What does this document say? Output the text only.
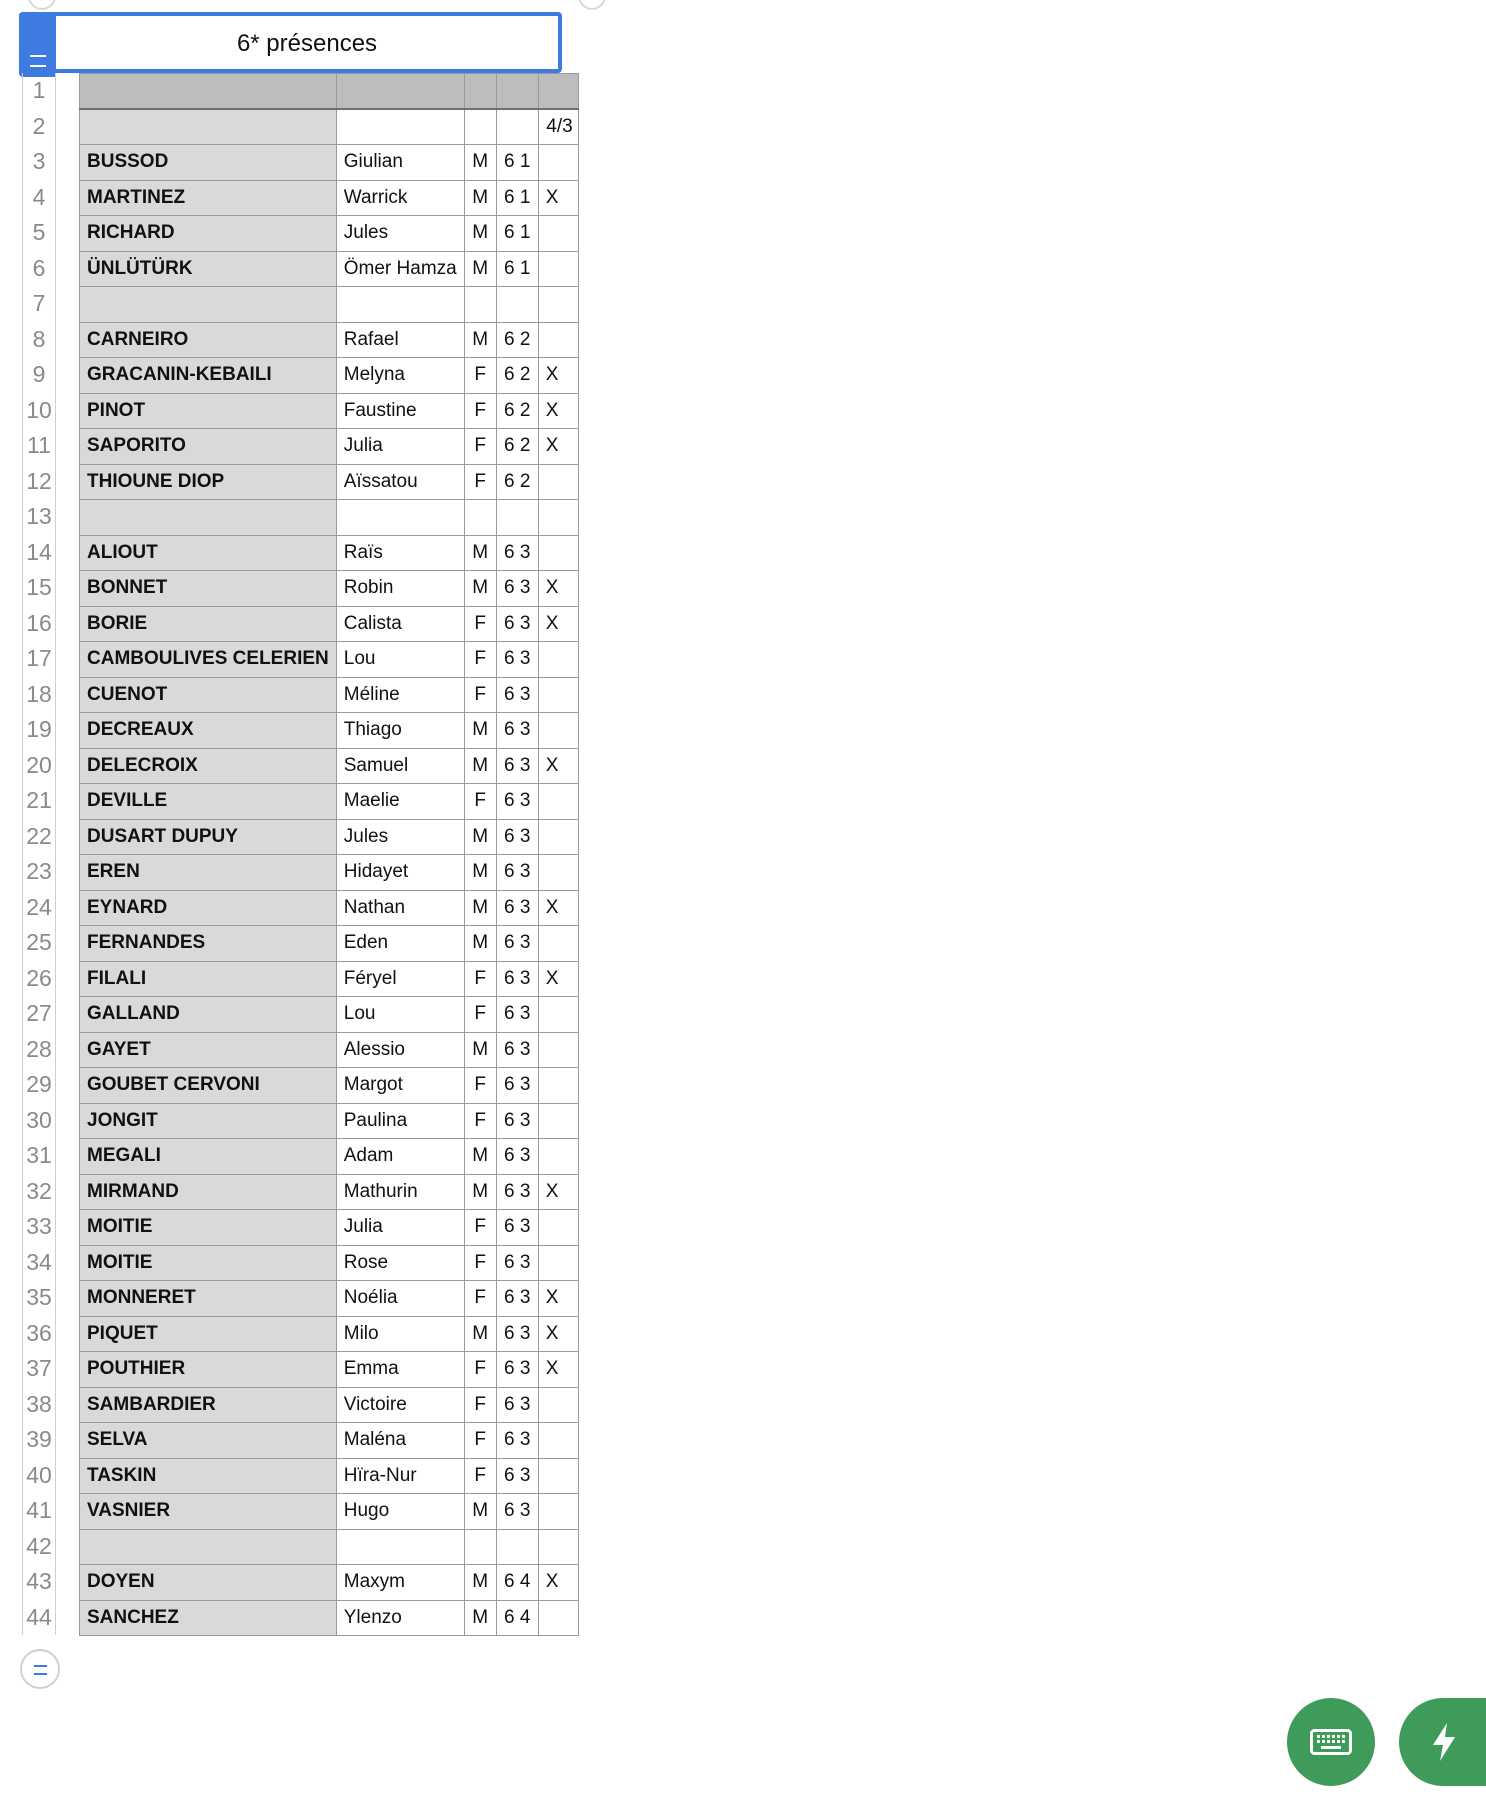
6* présences
1
2
3
4
5
6
7
8
9
10
11
12
13
14
15
16
17
18
19
20
21
22
23
24
25
26
27
28
29
30
31
32
33
34
35
36
37
38
39
40
41
42
43
44

				4/3
BUSSOD	Giulian	M	6 1	
MARTINEZ	Warrick	M	6 1	X
RICHARD	Jules	M	6 1	
ÜNLÜTÜRK	Ömer Hamza	M	6 1	

CARNEIRO	Rafael	M	6 2	
GRACANIN-KEBAILI	Melyna	F	6 2	X
PINOT	Faustine	F	6 2	X
SAPORITO	Julia	F	6 2	X
THIOUNE DIOP	Aïssatou	F	6 2	

ALIOUT	Raïs	M	6 3	
BONNET	Robin	M	6 3	X
BORIE	Calista	F	6 3	X
CAMBOULIVES CELERIEN	Lou	F	6 3	
CUENOT	Méline	F	6 3	
DECREAUX	Thiago	M	6 3	
DELECROIX	Samuel	M	6 3	X
DEVILLE	Maelie	F	6 3	
DUSART DUPUY	Jules	M	6 3	
EREN	Hidayet	M	6 3	
EYNARD	Nathan	M	6 3	X
FERNANDES	Eden	M	6 3	
FILALI	Féryel	F	6 3	X
GALLAND	Lou	F	6 3	
GAYET	Alessio	M	6 3	
GOUBET CERVONI	Margot	F	6 3	
JONGIT	Paulina	F	6 3	
MEGALI	Adam	M	6 3	
MIRMAND	Mathurin	M	6 3	X
MOITIE	Julia	F	6 3	
MOITIE	Rose	F	6 3	
MONNERET	Noélia	F	6 3	X
PIQUET	Milo	M	6 3	X
POUTHIER	Emma	F	6 3	X
SAMBARDIER	Victoire	F	6 3	
SELVA	Maléna	F	6 3	
TASKIN	Hïra-Nur	F	6 3	
VASNIER	Hugo	M	6 3	

DOYEN	Maxym	M	6 4	X
SANCHEZ	Ylenzo	M	6 4	
